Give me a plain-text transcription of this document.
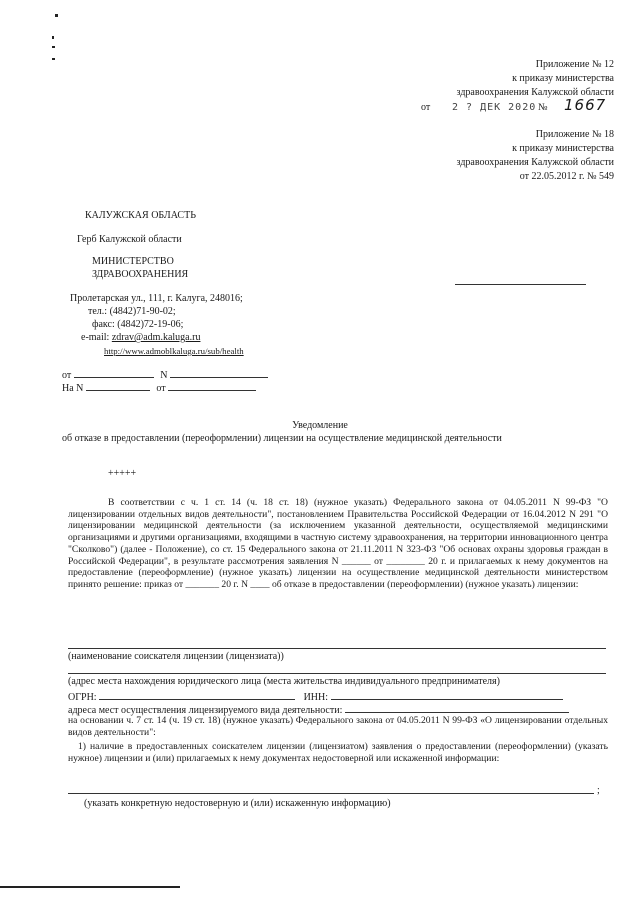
Приложение № 12
к приказу министерства
здравоохранения Калужской области
от 2 ? ДЕК 2020 № 1667
Приложение № 18
к приказу министерства
здравоохранения Калужской области
от 22.05.2012 г. № 549
КАЛУЖСКАЯ ОБЛАСТЬ
Герб Калужской области
МИНИСТЕРСТВО
ЗДРАВООХРАНЕНИЯ
Пролетарская ул., 111, г. Калуга, 248016;
тел.: (4842)71-90-02;
факс: (4842)72-19-06;
e-mail: zdrav@adm.kaluga.ru
http://www.admoblkaluga.ru/sub/health
от	N
На N	от
Уведомление
об отказе в предоставлении (переоформлении) лицензии на осуществление медицинской деятельности
+++++
В соответствии с ч. 1 ст. 14 (ч. 18 ст. 18) (нужное указать) Федерального закона от 04.05.2011 N 99-ФЗ "О лицензировании отдельных видов деятельности", постановлением Правительства Российской Федерации от 16.04.2012 N 291 "О лицензировании медицинской деятельности (за исключением указанной деятельности, осуществляемой медицинскими организациями и другими организациями, входящими в частную систему здравоохранения, на территории инновационного центра "Сколково") (далее - Положение), со ст. 15 Федерального закона от 21.11.2011 N 323-ФЗ "Об основах охраны здоровья граждан в Российской Федерации", в результате рассмотрения заявления N ______ от ________ 20 г. и прилагаемых к нему документов на предоставление (переоформление) (нужное указать) лицензии на осуществление медицинской деятельности министерством принято решение: приказ от _______ 20 г. N ____ об отказе в предоставлении (переоформлении) (нужное указать) лицензии:
(наименование соискателя лицензии (лицензиата))
(адрес места нахождения юридического лица (места жительства индивидуального предпринимателя)
ОГРН:	ИНН:
адреса мест осуществления лицензируемого вида деятельности:
на основании ч. 7 ст. 14 (ч. 19 ст. 18) (нужное указать) Федерального закона от 04.05.2011 N 99-ФЗ «О лицензировании отдельных видов деятельности":
1) наличие в предоставленных соискателем лицензии (лицензиатом) заявления о предоставлении (переоформлении) (указать нужное) лицензии и (или) прилагаемых к нему документах недостоверной или искаженной информации:
;
(указать конкретную недостоверную и (или) искаженную информацию)
